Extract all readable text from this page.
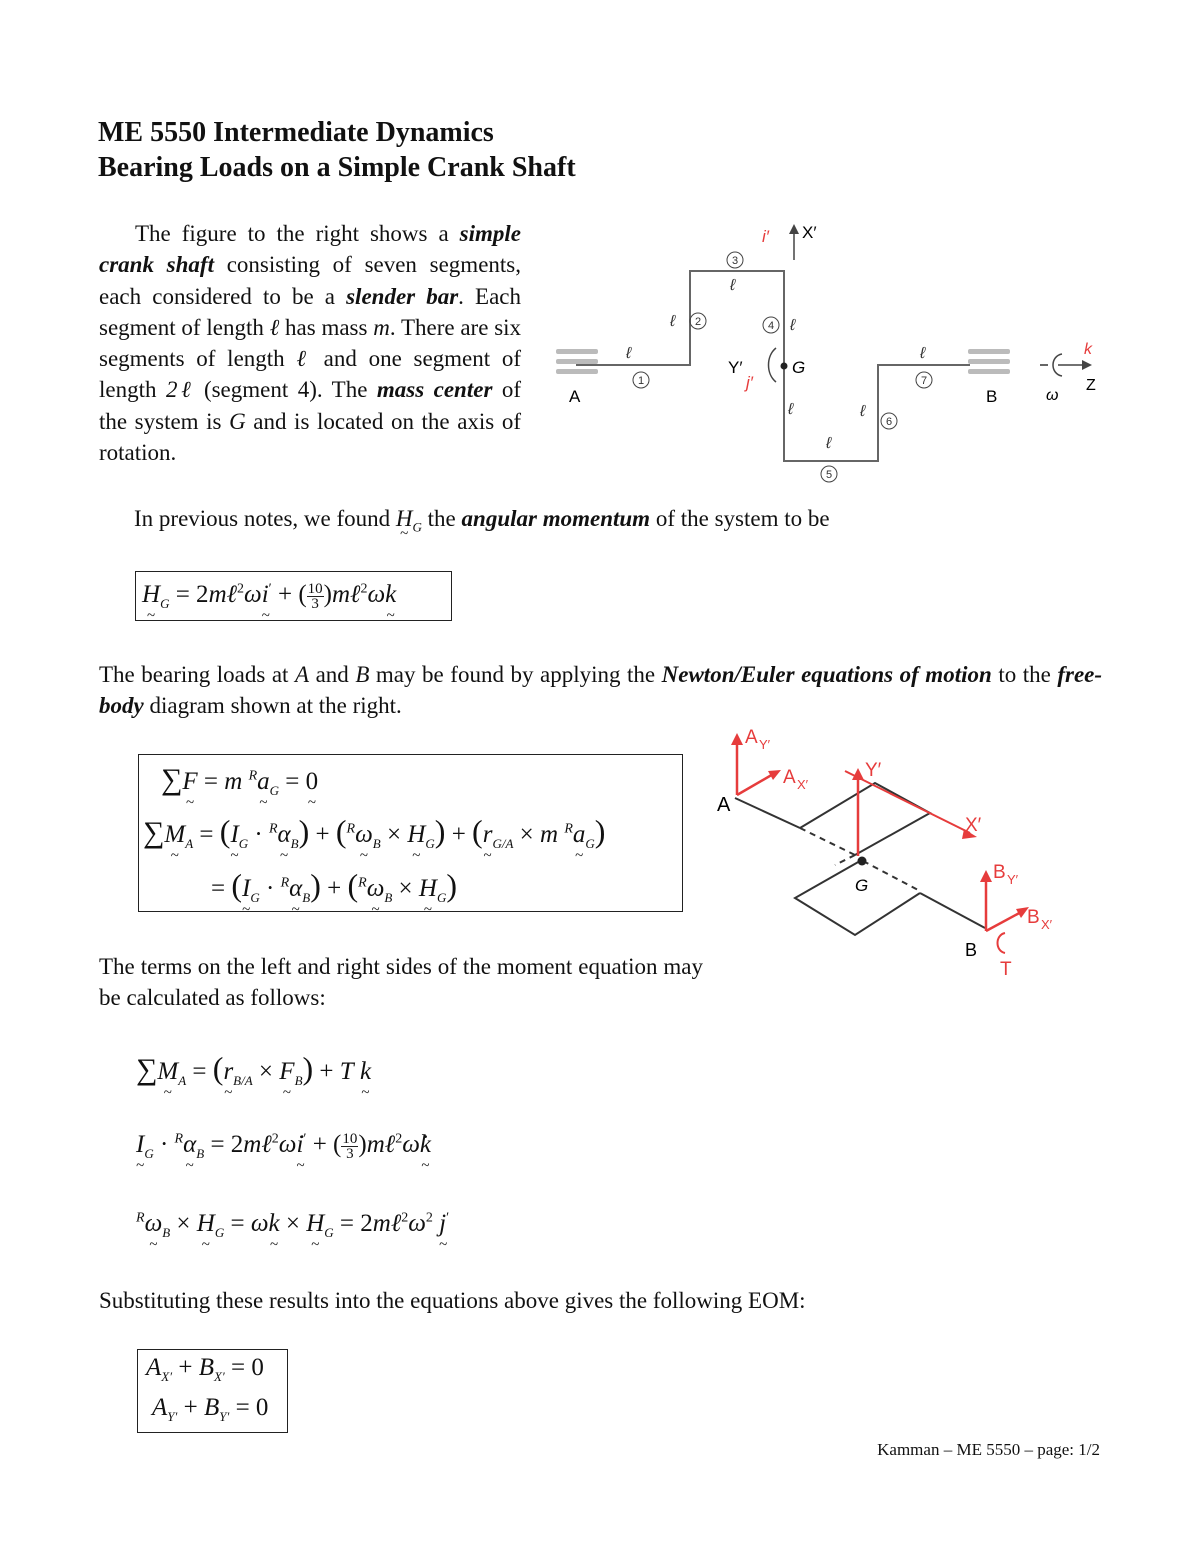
ME 5550 Intermediate Dynamics
Bearing Loads on a Simple Crank Shaft
The figure to the right shows a simple crank shaft consisting of seven segments, each considered to be a slender bar. Each segment of length ℓ has mass m. There are six segments of length ℓ and one segment of length 2ℓ (segment 4). The mass center of the system is G and is located on the axis of rotation.
In previous notes, we found H $\sim_G$ the angular momentum of the system to be
H $\sim_G$ = 2mℓ$^2$ωi ~′ + ( $\frac{10}{3}$ )mℓ$^2$ωk ~
The bearing loads at A and B may be found by applying the Newton/Euler equations of motion to the free-body diagram shown at the right.
∑F ~ = m $^R$a $\sim_G = 0$ ~
∑M $\sim_A = (I$ $\sim_G \cdot ^R\alpha$ $\sim_B) + (^R\omega$ $\sim_B \times H$ $\sim_G) + (r$ $\sim_{G/A} \times m$ $^R$a $\sim_G$)
= (I $\sim_G \cdot ^R\alpha$ $\sim_B) + (^R\omega$ $\sim_B \times H$ $\sim_G$)
The terms on the left and right sides of the moment equation may be calculated as follows:
∑M $\sim_A = (r$ $\sim_{B/A} \times F$ $\sim_B) + T$ k ~
I $\sim_G \cdot ^R\alpha$ $\sim_B$ = 2mℓ$^2$ω̇i ~′ + ( $\frac{10}{3}$ )mℓ$^2$ω̇k ~
$^R$ω $\sim_B \times H$ $\sim_G = \omega k$ ~ × H $\sim_G$ = $2m\ell^2\omega^2$ j ~′
Substituting these results into the equations above gives the following EOM:
$A_{X'} + B_{X'} = 0$
$A_{Y'} + B_{Y'} = 0$
Kamman – ME 5550 – page: 1/2
A	B
G
X′
i′
Y′
j′
ℓ
ℓ
ℓ
ℓ
ℓ
ℓ
ℓ
ℓ
1
2
3
4
5
6
7
k
Z
ω
G
A
B
A Y′
A X′
Y′
X′
B Y′
B X′
T
